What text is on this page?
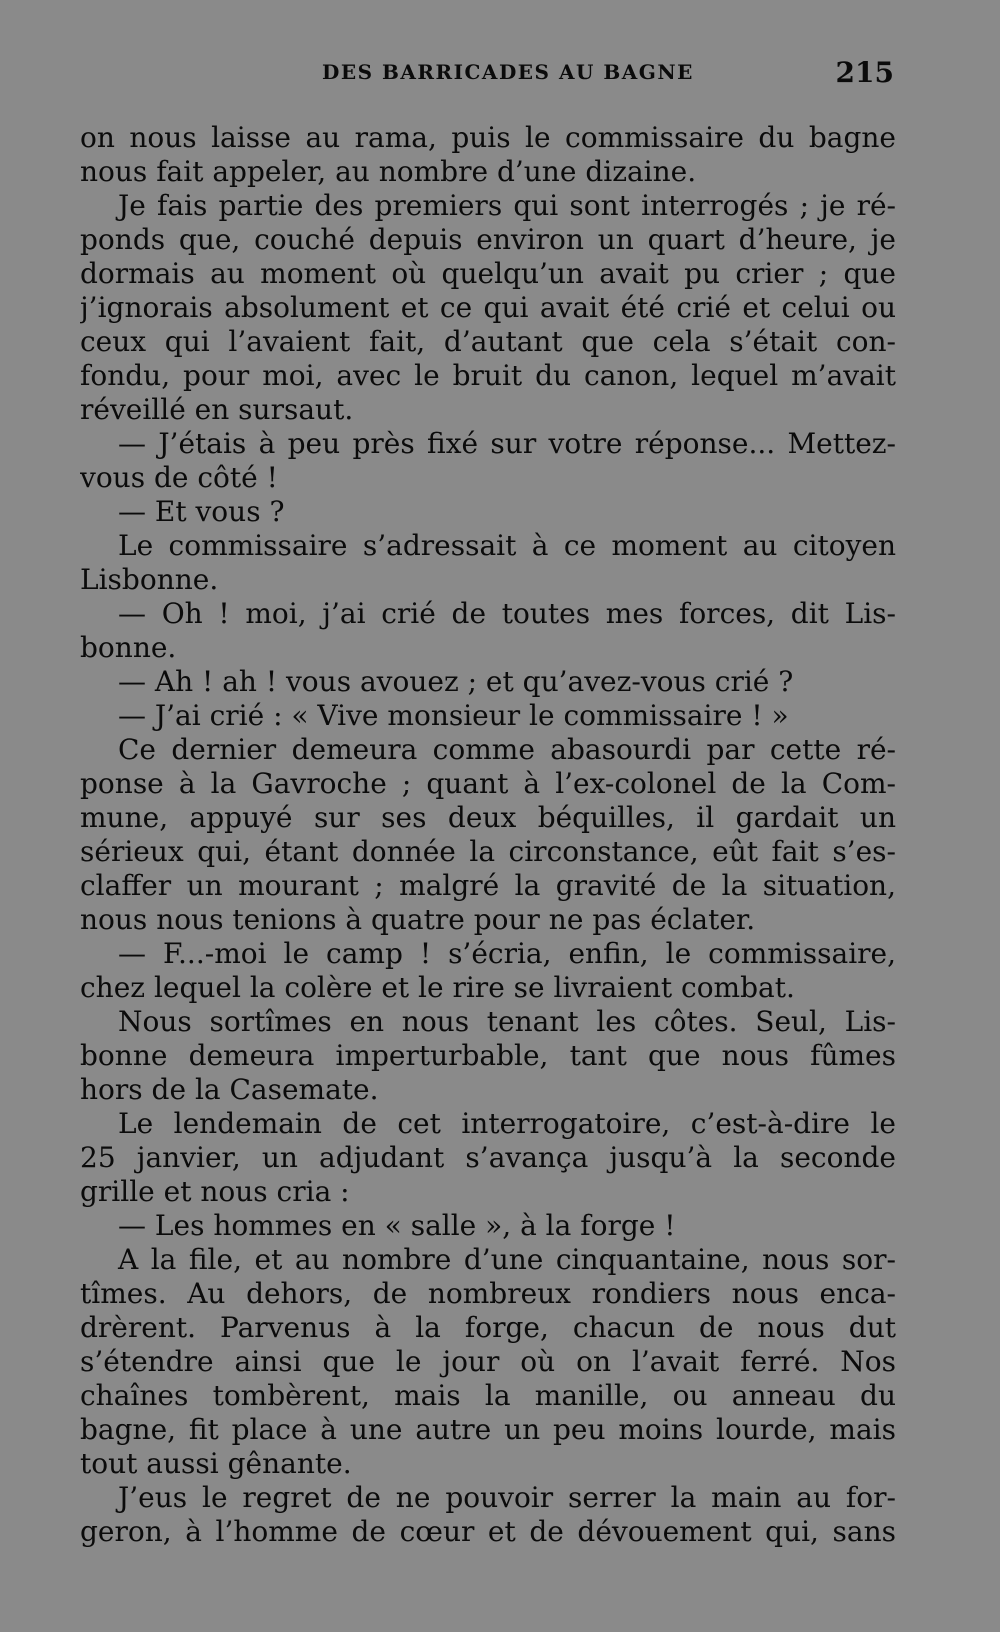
DES BARRICADES AU BAGNE	215
on nous laisse au rama, puis le commissaire du bagne
nous fait appeler, au nombre d’une dizaine.
Je fais partie des premiers qui sont interrogés ; je ré-
ponds que, couché depuis environ un quart d’heure, je
dormais au moment où quelqu’un avait pu crier ; que
j’ignorais absolument et ce qui avait été crié et celui ou
ceux qui l’avaient fait, d’autant que cela s’était con-
fondu, pour moi, avec le bruit du canon, lequel m’avait
réveillé en sursaut.
— J’étais à peu près fixé sur votre réponse... Mettez-
vous de côté !
— Et vous ?
Le commissaire s’adressait à ce moment au citoyen
Lisbonne.
— Oh ! moi, j’ai crié de toutes mes forces, dit Lis-
bonne.
— Ah ! ah ! vous avouez ; et qu’avez-vous crié ?
— J’ai crié : « Vive monsieur le commissaire ! »
Ce dernier demeura comme abasourdi par cette ré-
ponse à la Gavroche ; quant à l’ex-colonel de la Com-
mune, appuyé sur ses deux béquilles, il gardait un
sérieux qui, étant donnée la circonstance, eût fait s’es-
claffer un mourant ; malgré la gravité de la situation,
nous nous tenions à quatre pour ne pas éclater.
— F...-moi le camp ! s’écria, enfin, le commissaire,
chez lequel la colère et le rire se livraient combat.
Nous sortîmes en nous tenant les côtes. Seul, Lis-
bonne demeura imperturbable, tant que nous fûmes
hors de la Casemate.
Le lendemain de cet interrogatoire, c’est-à-dire le
25 janvier, un adjudant s’avança jusqu’à la seconde
grille et nous cria :
— Les hommes en « salle », à la forge !
A la file, et au nombre d’une cinquantaine, nous sor-
tîmes. Au dehors, de nombreux rondiers nous enca-
drèrent. Parvenus à la forge, chacun de nous dut
s’étendre ainsi que le jour où on l’avait ferré. Nos
chaînes tombèrent, mais la manille, ou anneau du
bagne, fit place à une autre un peu moins lourde, mais
tout aussi gênante.
J’eus le regret de ne pouvoir serrer la main au for-
geron, à l’homme de cœur et de dévouement qui, sans
